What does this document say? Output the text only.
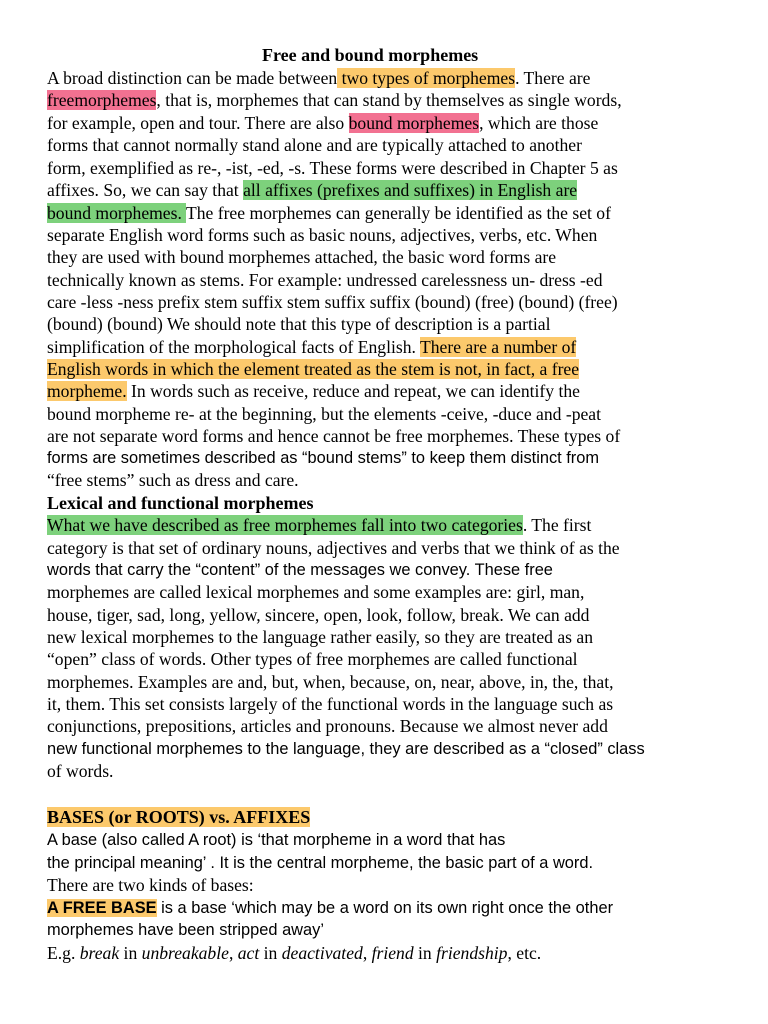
Free and bound morphemes
A broad distinction can be made between two types of morphemes. There are
freemorphemes, that is, morphemes that can stand by themselves as single words,
for example, open and tour. There are also bound morphemes, which are those
forms that cannot normally stand alone and are typically attached to another
form, exemplified as re-, -ist, -ed, -s. These forms were described in Chapter 5 as
affixes. So, we can say that all affixes (prefixes and suffixes) in English are
bound morphemes. The free morphemes can generally be identified as the set of
separate English word forms such as basic nouns, adjectives, verbs, etc. When
they are used with bound morphemes attached, the basic word forms are
technically known as stems. For example: undressed carelessness un- dress -ed
care -less -ness prefix stem suffix stem suffix suffix (bound) (free) (bound) (free)
(bound) (bound) We should note that this type of description is a partial
simplification of the morphological facts of English. There are a number of
English words in which the element treated as the stem is not, in fact, a free
morpheme. In words such as receive, reduce and repeat, we can identify the
bound morpheme re- at the beginning, but the elements -ceive, -duce and -peat
are not separate word forms and hence cannot be free morphemes. These types of
forms are sometimes described as “bound stems” to keep them distinct from
“free stems” such as dress and care.
Lexical and functional morphemes
What we have described as free morphemes fall into two categories. The first
category is that set of ordinary nouns, adjectives and verbs that we think of as the
words that carry the “content” of the messages we convey. These free
morphemes are called lexical morphemes and some examples are: girl, man,
house, tiger, sad, long, yellow, sincere, open, look, follow, break. We can add
new lexical morphemes to the language rather easily, so they are treated as an
“open” class of words. Other types of free morphemes are called functional
morphemes. Examples are and, but, when, because, on, near, above, in, the, that,
it, them. This set consists largely of the functional words in the language such as
conjunctions, prepositions, articles and pronouns. Because we almost never add
new functional morphemes to the language, they are described as a “closed” class
of words.
BASES (or ROOTS) vs. AFFIXES
A base (also called A root) is ‘that morpheme in a word that has
the principal meaning’ . It is the central morpheme, the basic part of a word.
There are two kinds of bases:
A FREE BASE is a base ‘which may be a word on its own right once the other
morphemes have been stripped away’
E.g. break in unbreakable, act in deactivated, friend in friendship, etc.
